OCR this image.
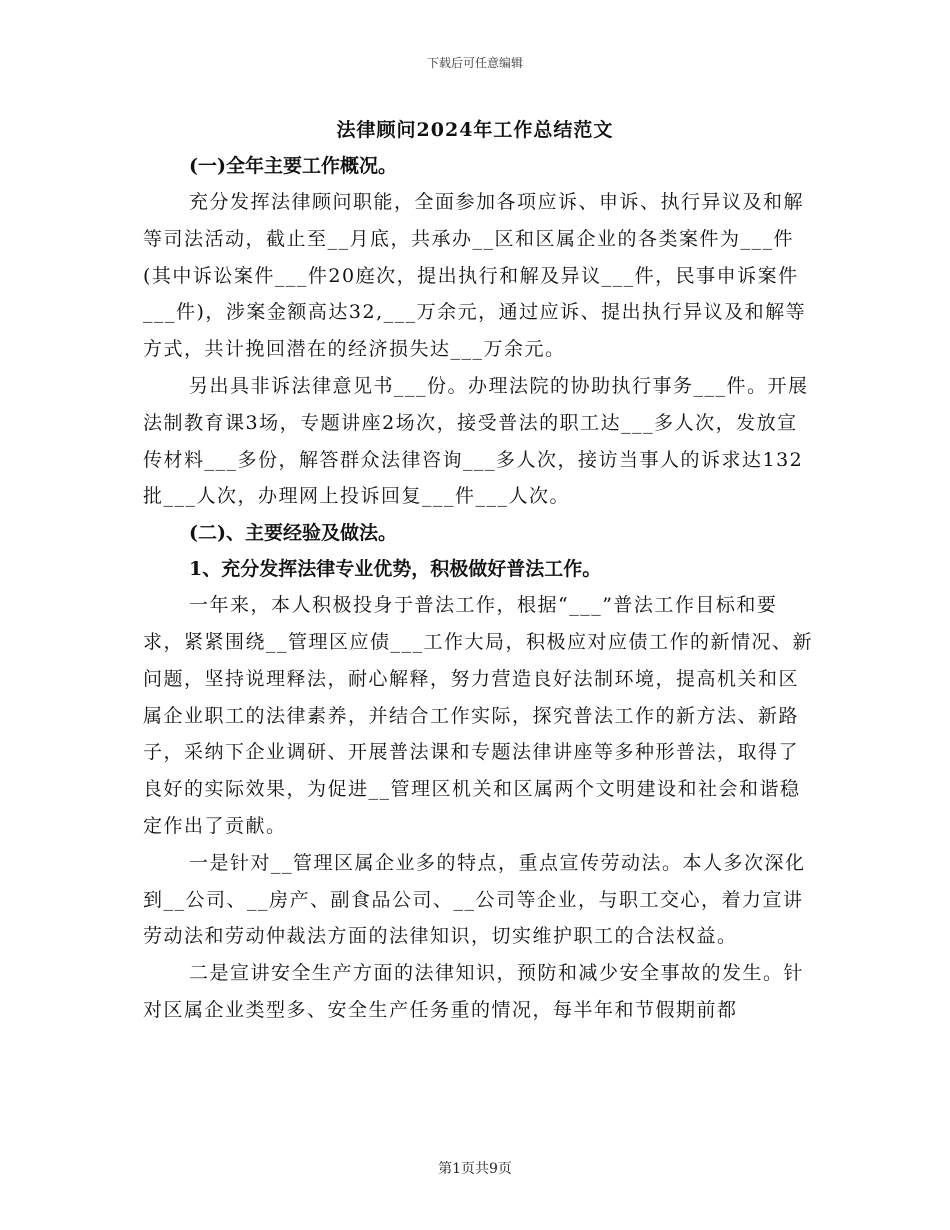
下载后可任意编辑
法律顾问2024年工作总结范文

(一)全年主要工作概况。

充分发挥法律顾问职能，全面参加各项应诉、申诉、执行异议及和解等司法活动，截止至__月底，共承办__区和区属企业的各类案件为___件(其中诉讼案件___件20庭次，提出执行和解及异议___件，民事申诉案件___件)，涉案金额高达32,___万余元，通过应诉、提出执行异议及和解等方式，共计挽回潜在的经济损失达___万余元。

另出具非诉法律意见书___份。办理法院的协助执行事务___件。开展法制教育课3场，专题讲座2场次，接受普法的职工达___多人次，发放宣传材料___多份，解答群众法律咨询___多人次，接访当事人的诉求达132批___人次，办理网上投诉回复___件___人次。

(二)、主要经验及做法。

1、充分发挥法律专业优势，积极做好普法工作。

一年来，本人积极投身于普法工作，根据“___”普法工作目标和要求，紧紧围绕__管理区应债___工作大局，积极应对应债工作的新情况、新问题，坚持说理释法，耐心解释，努力营造良好法制环境，提高机关和区属企业职工的法律素养，并结合工作实际，探究普法工作的新方法、新路子，采纳下企业调研、开展普法课和专题法律讲座等多种形普法，取得了良好的实际效果，为促进__管理区机关和区属两个文明建设和社会和谐稳定作出了贡献。

一是针对__管理区属企业多的特点，重点宣传劳动法。本人多次深化到__公司、__房产、副食品公司、__公司等企业，与职工交心，着力宣讲劳动法和劳动仲裁法方面的法律知识，切实维护职工的合法权益。

二是宣讲安全生产方面的法律知识，预防和减少安全事故的发生。针对区属企业类型多、安全生产任务重的情况，每半年和节假期前都

第1页共9页
